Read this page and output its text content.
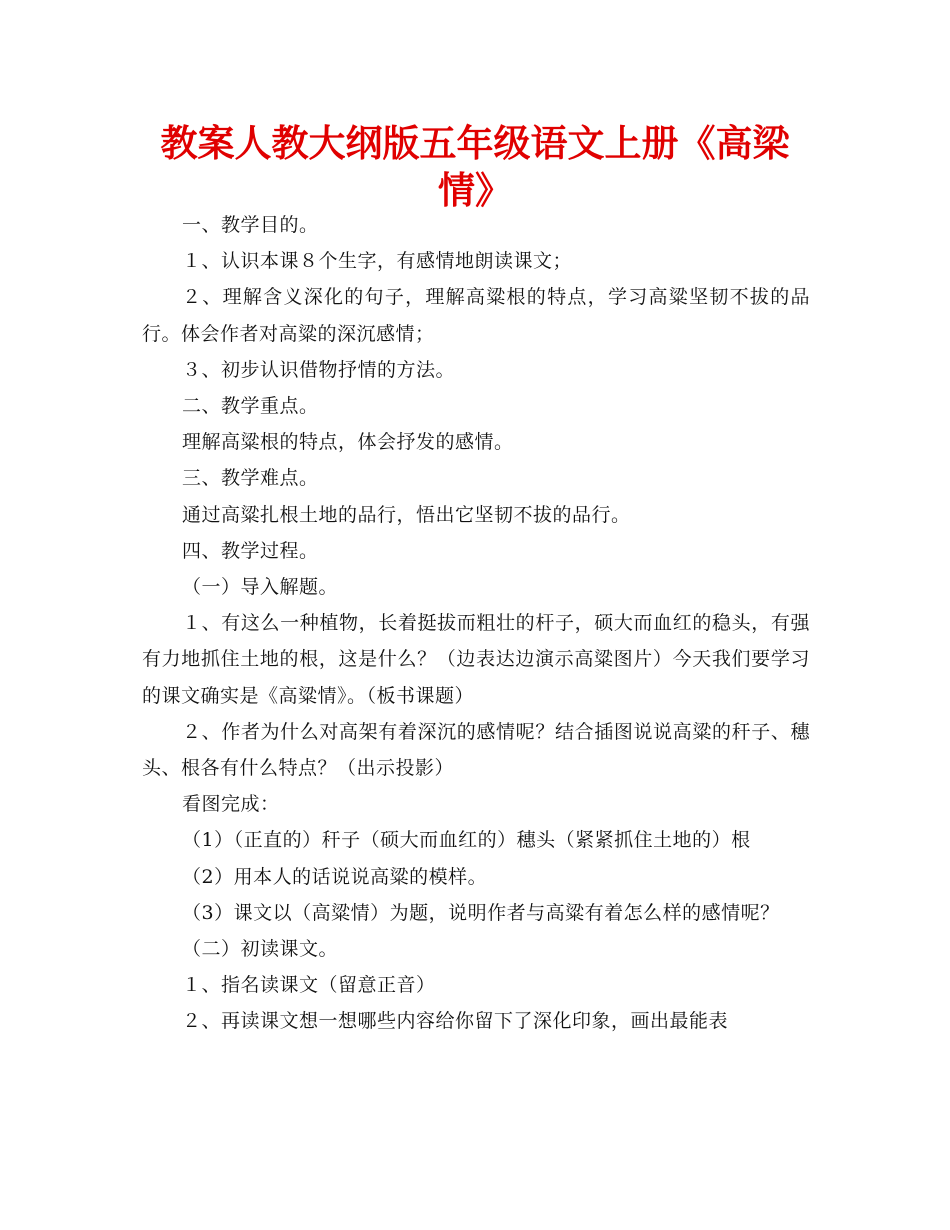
教案人教大纲版五年级语文上册《高梁情》

一、教学目的。

１、认识本课８个生字，有感情地朗读课文；

２、理解含义深化的句子，理解高粱根的特点，学习高粱坚韧不拔的品行。体会作者对高粱的深沉感情；

３、初步认识借物抒情的方法。

二、教学重点。

理解高粱根的特点，体会抒发的感情。

三、教学难点。

通过高粱扎根土地的品行，悟出它坚韧不拔的品行。

四、教学过程。

（一）导入解题。

１、有这么一种植物，长着挺拔而粗壮的杆子，硕大而血红的稳头，有强有力地抓住土地的根，这是什么？（边表达边演示高粱图片）今天我们要学习的课文确实是《高粱情》。（板书课题）

２、作者为什么对高架有着深沉的感情呢？结合插图说说高粱的秆子、穗头、根各有什么特点？（出示投影）

看图完成：

（1）（正直的）秆子（硕大而血红的）穗头（紧紧抓住土地的）根

（2）用本人的话说说高粱的模样。

（3）课文以（高粱情）为题，说明作者与高粱有着怎么样的感情呢？

（二）初读课文。

１、指名读课文（留意正音）

２、再读课文想一想哪些内容给你留下了深化印象，画出最能表
